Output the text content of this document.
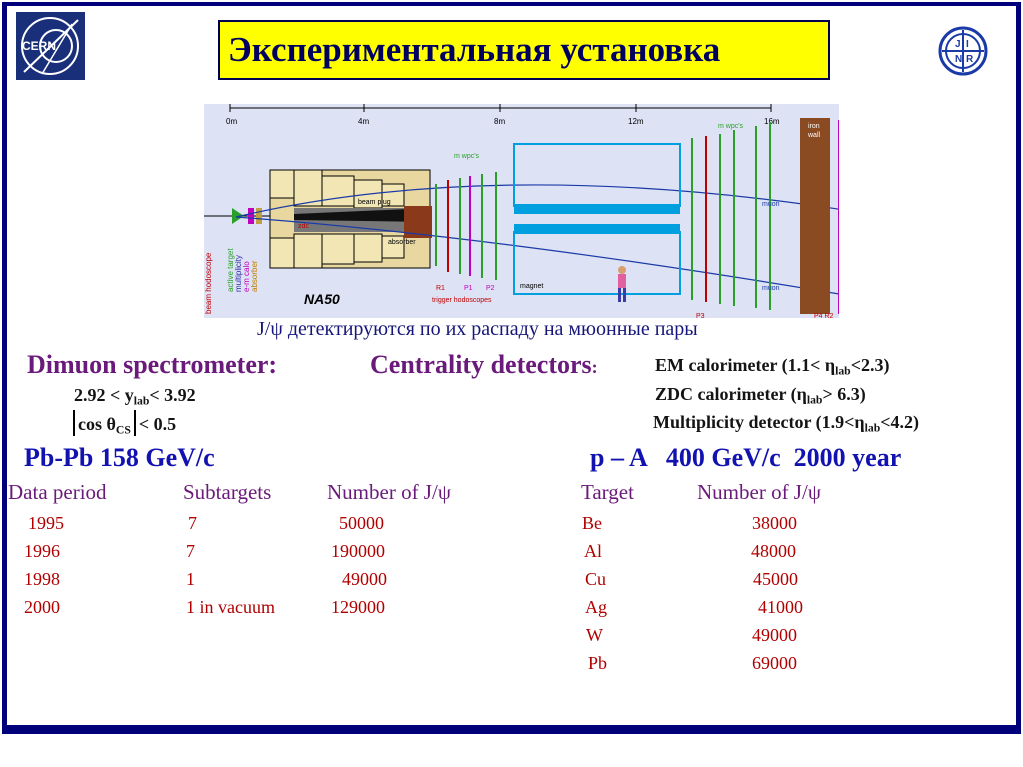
CERN	J I
N R
Экспериментальная установка
0m	4m	8m	12m	16m
beam plug
zdc
absorber
magnet
m wpc's
m wpc's	iron
wall
muon
muon
R1	P1 P2
P3	P4 R2
trigger hodoscopes
NA50
beam hodoscope active target multiplicity e-m calo absorber
J/ψ детектируются по их распаду на мюонные пары
Dimuon spectrometer:
$2.92 < y_{lab}< 3.92$
$\cos \theta_{CS} < 0.5$
Centrality detectors:	EM calorimeter $(1.1< \eta_{lab}<2.3)$
ZDC calorimeter $(\eta_{lab}> 6.3)$
Multiplicity detector $(1.9<\eta_{lab}<4.2)$
Pb-Pb 158 GeV/c
Data period	Subtargets	Number of J/ψ
1995	7	50000
1996	7	190000
1998	1	49000
2000	1 in vacuum	129000
p – A   400 GeV/c  2000 year
Target	Number of J/ψ
Be	38000
Al	48000
Cu	45000
Ag	41000
W	49000
Pb	69000
